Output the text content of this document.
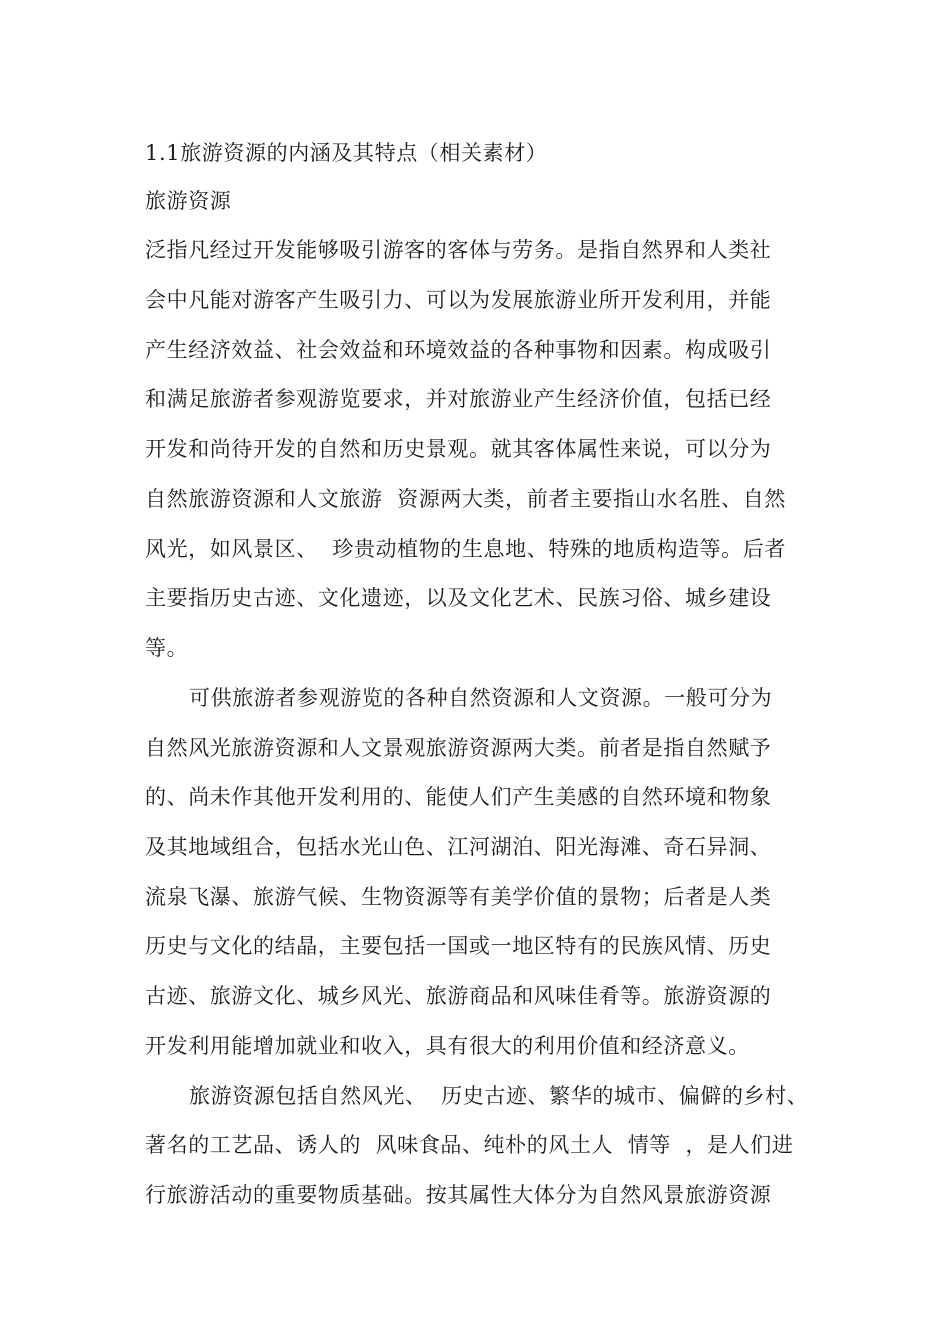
1.1旅游资源的内涵及其特点（相关素材）
旅游资源
泛指凡经过开发能够吸引游客的客体与劳务。是指自然界和人类社
会中凡能对游客产生吸引力、可以为发展旅游业所开发利用，并能
产生经济效益、社会效益和环境效益的各种事物和因素。构成吸引
和满足旅游者参观游览要求，并对旅游业产生经济价值，包括已经
开发和尚待开发的自然和历史景观。就其客体属性来说，可以分为
自然旅游资源和人文旅游  资源两大类，前者主要指山水名胜、自然
风光，如风景区、  珍贵动植物的生息地、特殊的地质构造等。后者
主要指历史古迹、文化遗迹，以及文化艺术、民族习俗、城乡建设
等。
可供旅游者参观游览的各种自然资源和人文资源。一般可分为
自然风光旅游资源和人文景观旅游资源两大类。前者是指自然赋予
的、尚未作其他开发利用的、能使人们产生美感的自然环境和物象
及其地域组合，包括水光山色、江河湖泊、阳光海滩、奇石异洞、
流泉飞瀑、旅游气候、生物资源等有美学价值的景物；后者是人类
历史与文化的结晶，主要包括一国或一地区特有的民族风情、历史
古迹、旅游文化、城乡风光、旅游商品和风味佳肴等。旅游资源的
开发利用能增加就业和收入，具有很大的利用价值和经济意义。
旅游资源包括自然风光、  历史古迹、繁华的城市、偏僻的乡村、
著名的工艺品、诱人的  风味食品、纯朴的风土人  情等  ，是人们进
行旅游活动的重要物质基础。按其属性大体分为自然风景旅游资源
